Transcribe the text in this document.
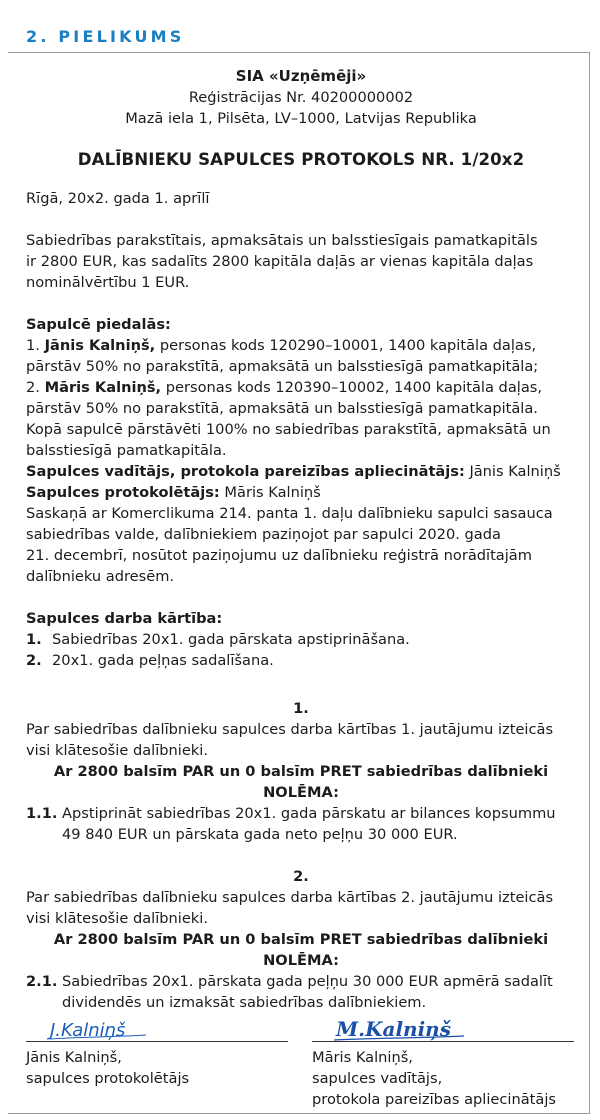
2. PIELIKUMS
SIA «Uzņēmēji»
Reģistrācijas Nr. 40200000002
Mazā iela 1, Pilsēta, LV–1000, Latvijas Republika
DALĪBNIEKU SAPULCES PROTOKOLS NR. 1/20x2
Rīgā, 20x2. gada 1. aprīlī
Sabiedrības parakstītais, apmaksātais un balsstiesīgais pamatkapitāls
ir 2800 EUR, kas sadalīts 2800 kapitāla daļās ar vienas kapitāla daļas
nominālvērtību 1 EUR.
Sapulcē piedalās:
1. Jānis Kalniņš, personas kods 120290–10001, 1400 kapitāla daļas,
pārstāv 50% no parakstītā, apmaksātā un balsstiesīgā pamatkapitāla;
2. Māris Kalniņš, personas kods 120390–10002, 1400 kapitāla daļas,
pārstāv 50% no parakstītā, apmaksātā un balsstiesīgā pamatkapitāla.
Kopā sapulcē pārstāvēti 100% no sabiedrības parakstītā, apmaksātā un
balsstiesīgā pamatkapitāla.
Sapulces vadītājs, protokola pareizības apliecinātājs: Jānis Kalniņš
Sapulces protokolētājs: Māris Kalniņš
Saskaņā ar Komerclikuma 214. panta 1. daļu dalībnieku sapulci sasauca
sabiedrības valde, dalībniekiem paziņojot par sapulci 2020. gada
21. decembrī, nosūtot paziņojumu uz dalībnieku reģistrā norādītajām
dalībnieku adresēm.
Sapulces darba kārtība:
1. Sabiedrības 20x1. gada pārskata apstiprināšana.
2. 20x1. gada peļņas sadalīšana.
1.
Par sabiedrības dalībnieku sapulces darba kārtības 1. jautājumu izteicās
visi klātesošie dalībnieki.
Ar 2800 balsīm PAR un 0 balsīm PRET sabiedrības dalībnieki
NOLĒMA:
1.1. Apstiprināt sabiedrības 20x1. gada pārskatu ar bilances kopsummu
49 840 EUR un pārskata gada neto peļņu 30 000 EUR.
2.
Par sabiedrības dalībnieku sapulces darba kārtības 2. jautājumu izteicās
visi klātesošie dalībnieki.
Ar 2800 balsīm PAR un 0 balsīm PRET sabiedrības dalībnieki
NOLĒMA:
2.1. Sabiedrības 20x1. pārskata gada peļņu 30 000 EUR apmērā sadalīt
dividendēs un izmaksāt sabiedrības dalībniekiem.
J.Kalniņš
Jānis Kalniņš,
sapulces protokolētājs
M.Kalniņš
Māris Kalniņš,
sapulces vadītājs,
protokola pareizības apliecinātājs
